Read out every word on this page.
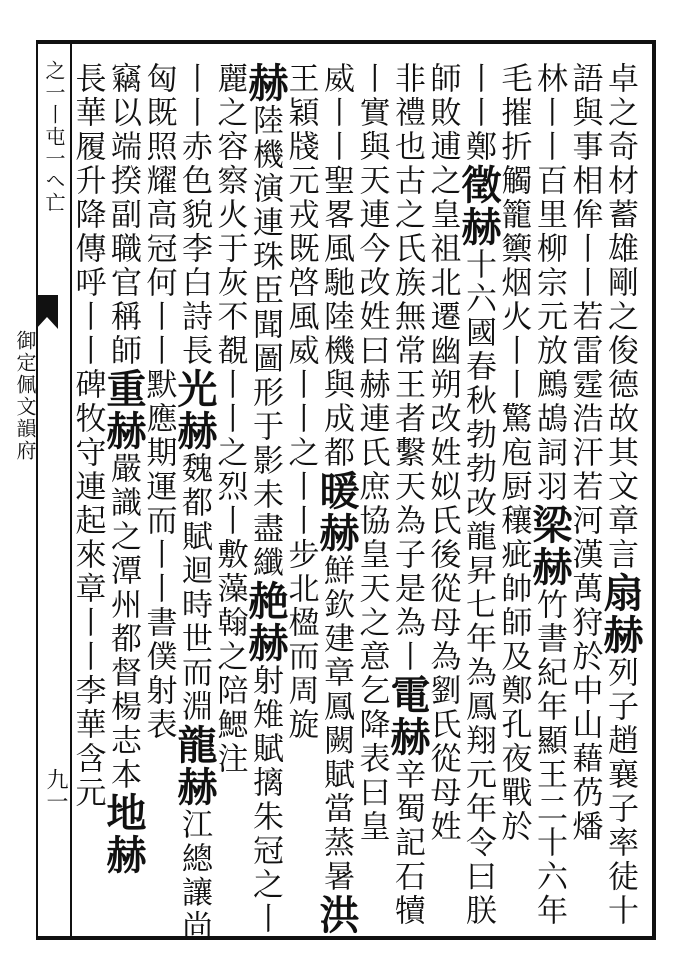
之一丨屯一へ亡
御定佩文韻府
九一
卓之奇材蓄雄剛之俊德故其文章言扇赫列子趙襄子率徒十
語與事相侔丨丨若雷霆浩汗若河漢萬狩於中山藉芿燔
林丨丨百里柳宗元放鷓鴣詞羽梁赫竹書紀年顯王二十六年
毛摧折觸籠籞烟火丨丨驚庖厨穰疵帥師及鄭孔夜戰於
丨丨鄭徵赫十六國春秋勃勃改龍昇七年為鳳翔元年令曰朕
師敗逋之皇祖北遷幽朔改姓姒氏後從母為劉氏從母姓
非禮也古之氏族無常王者繫天為子是為丨電赫辛蜀記石犢
丨實與天連今改姓曰赫連氏庶協皇天之意乞降表曰皇
威丨丨聖畧風馳陸機與成都暖赫鮮欽建章鳳闕賦當蒸暑洪
王穎牋元戎既啓風威丨丨之丨丨步北楹而周旋
赫陸機演連珠臣聞圖形于影未盡纖赩赫射雉賦摛朱冠之丨
麗之容察火于灰不覩丨丨之烈丨敷藻翰之陪鰓注
丨丨赤色貌李白詩長光赫魏都賦迴時世而淵龍赫江總讓尚
匈既照耀高冠何丨丨默應期運而丨丨書僕射表
竊以端揆副職官稱師重赫嚴識之潭州都督楊志本地赫
長華履升降傳呼丨丨碑牧守連起來章丨丨李華含元
